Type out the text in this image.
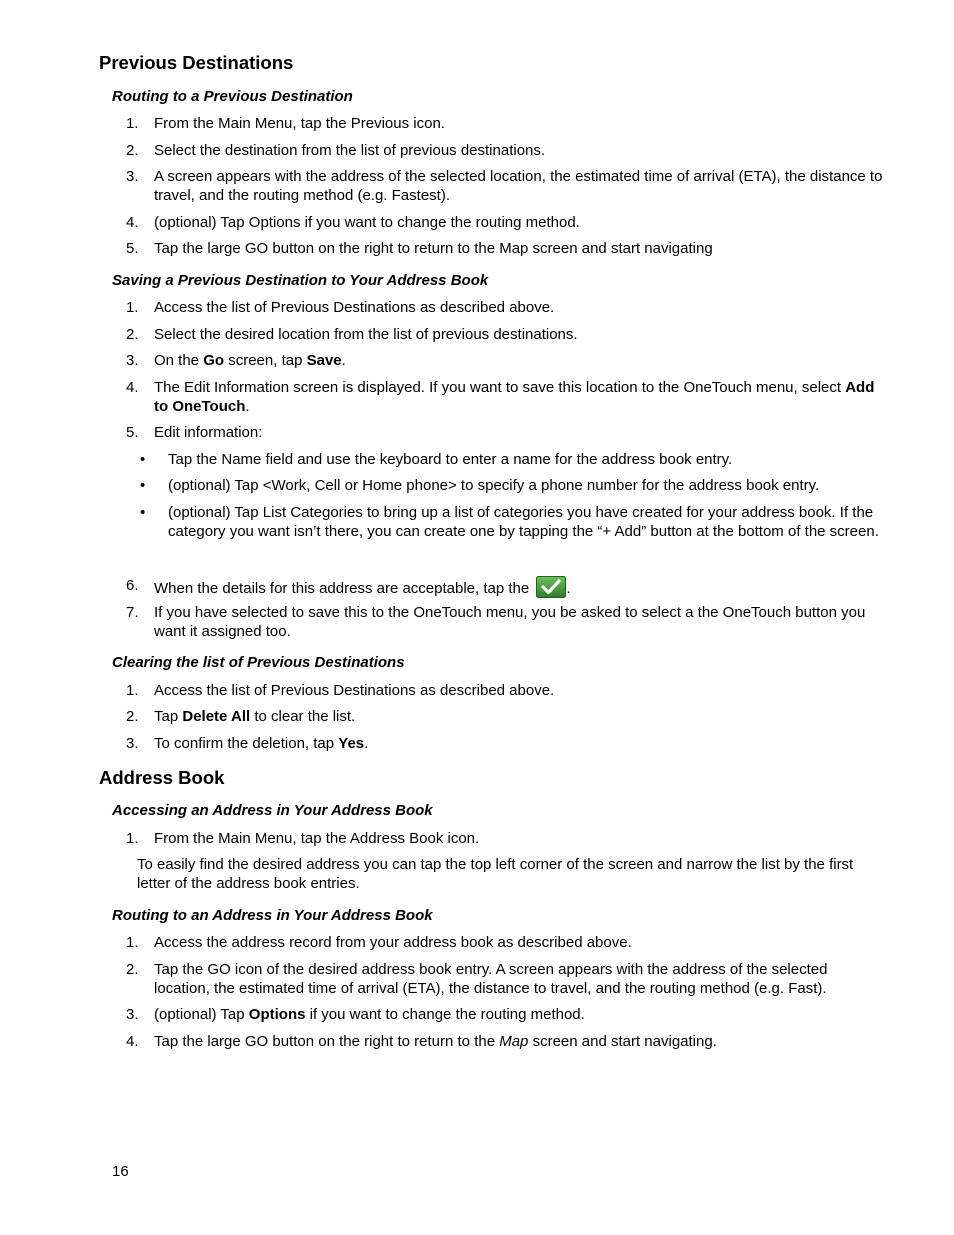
Previous Destinations
Routing to a Previous Destination
1. From the Main Menu, tap the Previous icon.
2. Select the destination from the list of previous destinations.
3. A screen appears with the address of the selected location, the estimated time of arrival (ETA), the distance to travel, and the routing method (e.g. Fastest).
4. (optional) Tap Options if you want to change the routing method.
5. Tap the large GO button on the right to return to the Map screen and start navigating
Saving a Previous Destination to Your Address Book
1. Access the list of Previous Destinations as described above.
2. Select the desired location from the list of previous destinations.
3. On the Go screen, tap Save.
4. The Edit Information screen is displayed. If you want to save this location to the OneTouch menu, select Add to OneTouch.
5. Edit information:
• Tap the Name field and use the keyboard to enter a name for the address book entry.
• (optional) Tap <Work, Cell or Home phone> to specify a phone number for the address book entry.
• (optional) Tap List Categories to bring up a list of categories you have created for your address book. If the category you want isn’t there, you can create one by tapping the “+ Add” button at the bottom of the screen.
6. When the details for this address are acceptable, tap the .
7. If you have selected to save this to the OneTouch menu, you be asked to select a the OneTouch button you want it assigned too.
Clearing the list of Previous Destinations
1. Access the list of Previous Destinations as described above.
2. Tap Delete All to clear the list.
3. To confirm the deletion, tap Yes.
Address Book
Accessing an Address in Your Address Book
1. From the Main Menu, tap the Address Book icon.
To easily find the desired address you can tap the top left corner of the screen and narrow the list by the first letter of the address book entries.
Routing to an Address in Your Address Book
1. Access the address record from your address book as described above.
2. Tap the GO icon of the desired address book entry. A screen appears with the address of the selected location, the estimated time of arrival (ETA), the distance to travel, and the routing method (e.g. Fast).
3. (optional) Tap Options if you want to change the routing method.
4. Tap the large GO button on the right to return to the Map screen and start navigating.
16
